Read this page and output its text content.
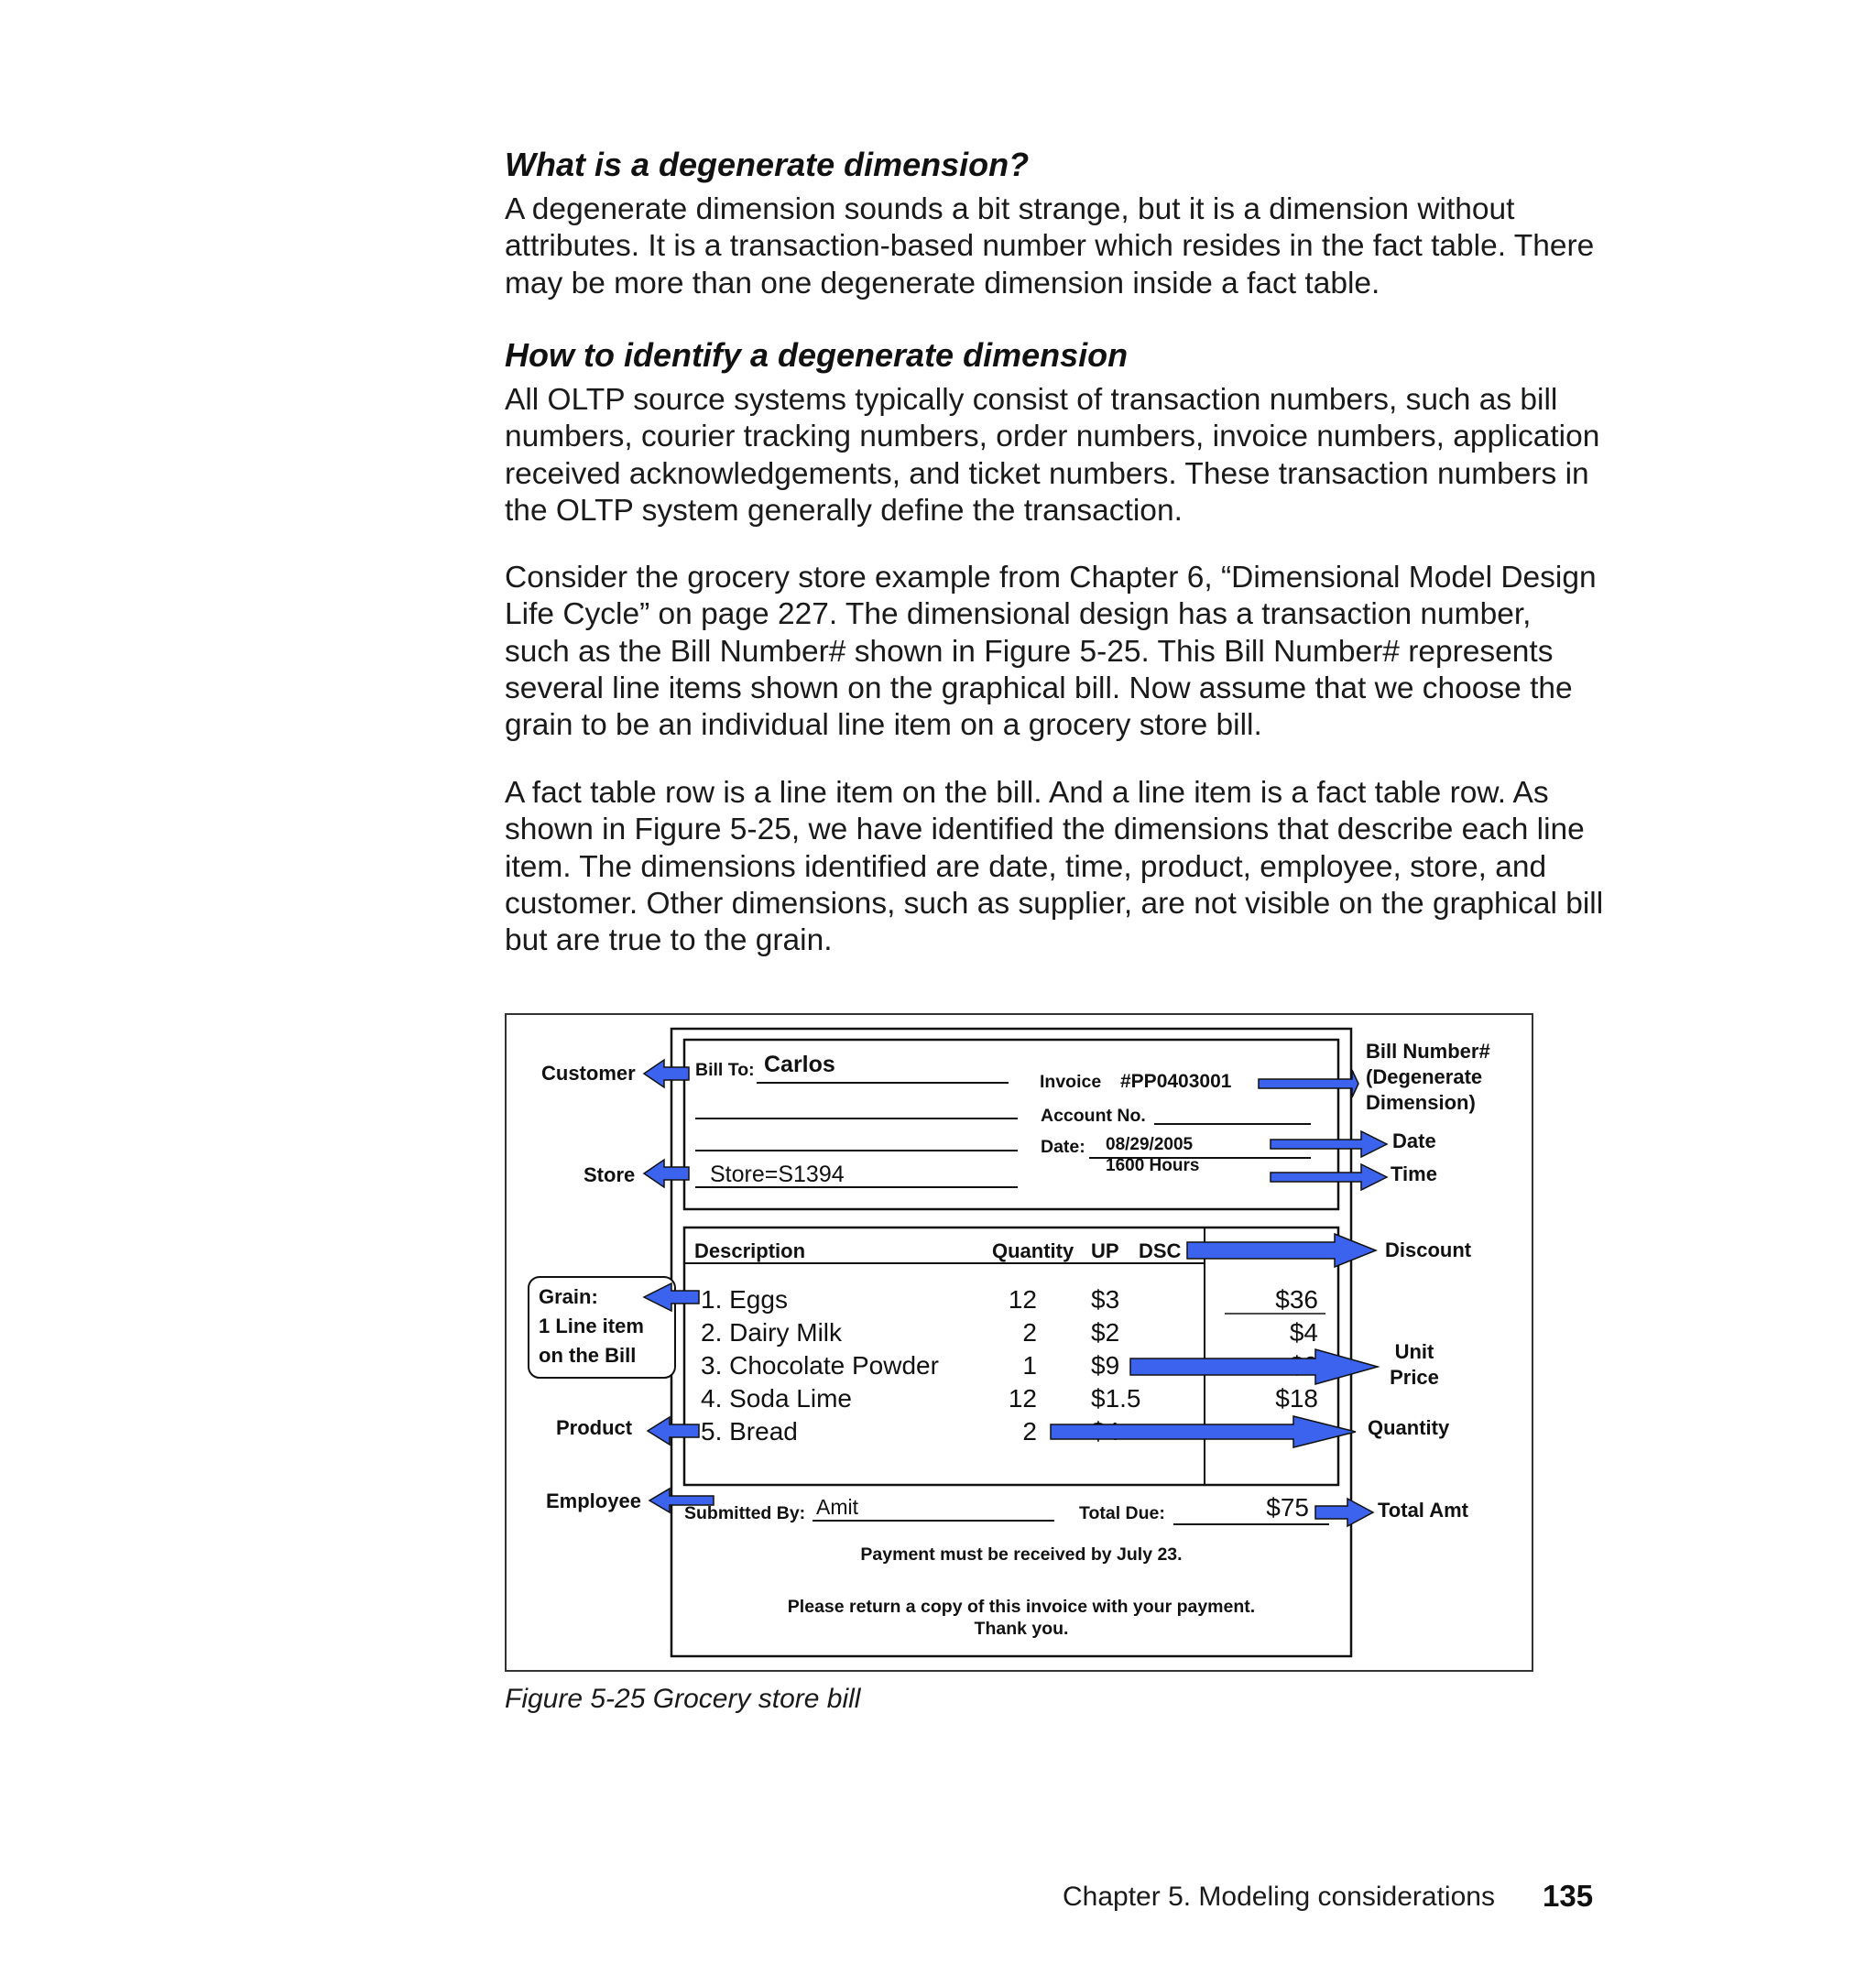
What is a degenerate dimension?

A degenerate dimension sounds a bit strange, but it is a dimension without attributes. It is a transaction-based number which resides in the fact table. There may be more than one degenerate dimension inside a fact table.

How to identify a degenerate dimension

All OLTP source systems typically consist of transaction numbers, such as bill numbers, courier tracking numbers, order numbers, invoice numbers, application received acknowledgements, and ticket numbers. These transaction numbers in the OLTP system generally define the transaction.

Consider the grocery store example from Chapter 6, “Dimensional Model Design Life Cycle” on page 227. The dimensional design has a transaction number, such as the Bill Number# shown in Figure 5-25. This Bill Number# represents several line items shown on the graphical bill. Now assume that we choose the grain to be an individual line item on a grocery store bill.

A fact table row is a line item on the bill. And a line item is a fact table row. As shown in Figure 5-25, we have identified the dimensions that describe each line item. The dimensions identified are date, time, product, employee, store, and customer. Other dimensions, such as supplier, are not visible on the graphical bill but are true to the grain.

Bill To: Carlos
Store=S1394
Invoice #PP0403001
Account No.
Date: 08/29/2005
1600 Hours
Description	Quantity UP DSC
1. Eggs	12 $3	$36
2. Dairy Milk	2 $2	$4
3. Chocolate Powder	1 $9
4. Soda Lime	12 $1.5	$18
5. Bread	2
Submitted By: Amit	Total Due:	$75
Payment must be received by July 23.
Please return a copy of this invoice with your payment.
Thank you.
Grain:
1 Line item
on the Bill
Customer
Store
Product
Employee
Bill Number#
(Degenerate
Dimension)
Date
Time
Discount
Unit
Price
Quantity
Total Amt

Figure 5-25 Grocery store bill

Chapter 5. Modeling considerations 135
